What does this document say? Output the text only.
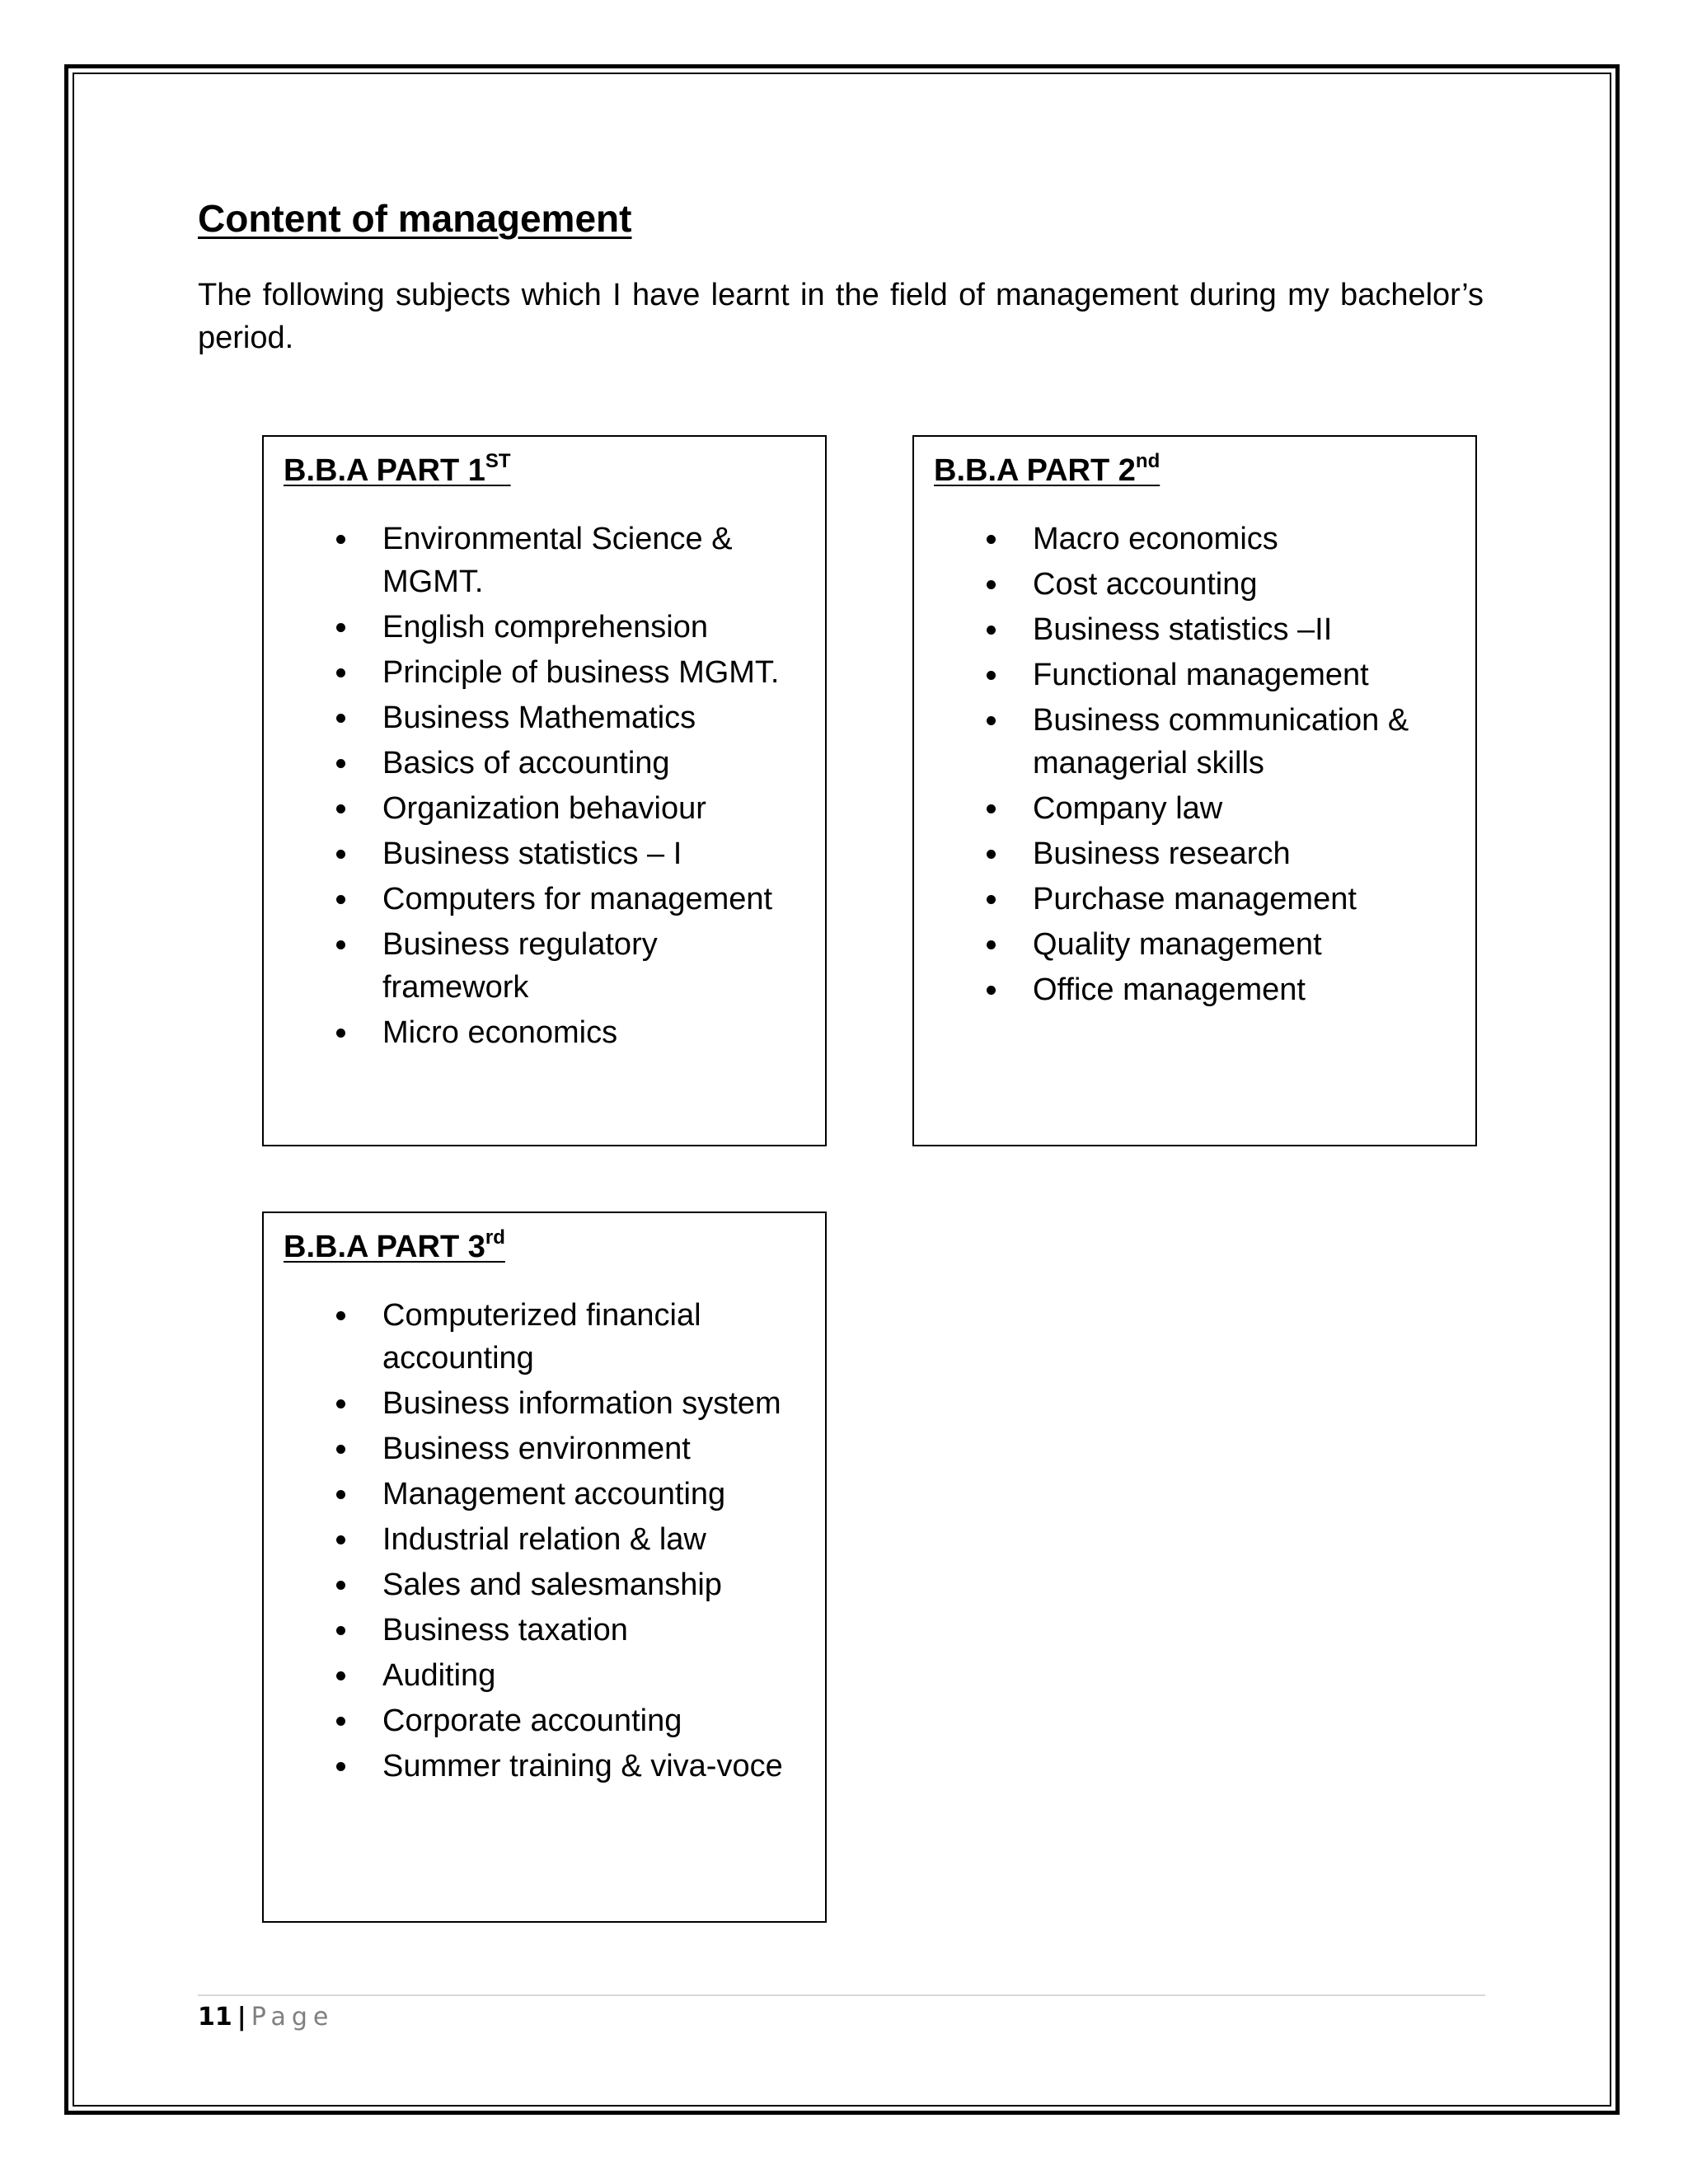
Content of management

The following subjects which I have learnt in the field of management during my bachelor’s period.

B.B.A PART 1ST
Environmental Science & MGMT.
English comprehension
Principle of business MGMT.
Business Mathematics
Basics of accounting
Organization behaviour
Business statistics – I
Computers for management
Business regulatory framework
Micro economics
B.B.A PART 2nd
Macro economics
Cost accounting
Business statistics –II
Functional management
Business communication & managerial skills
Company law
Business research
Purchase management
Quality management
Office management
B.B.A PART 3rd
Computerized financial accounting
Business information system
Business environment
Management accounting
Industrial relation & law
Sales and salesmanship
Business taxation
Auditing
Corporate accounting
Summer training & viva-voce
11 | Page
